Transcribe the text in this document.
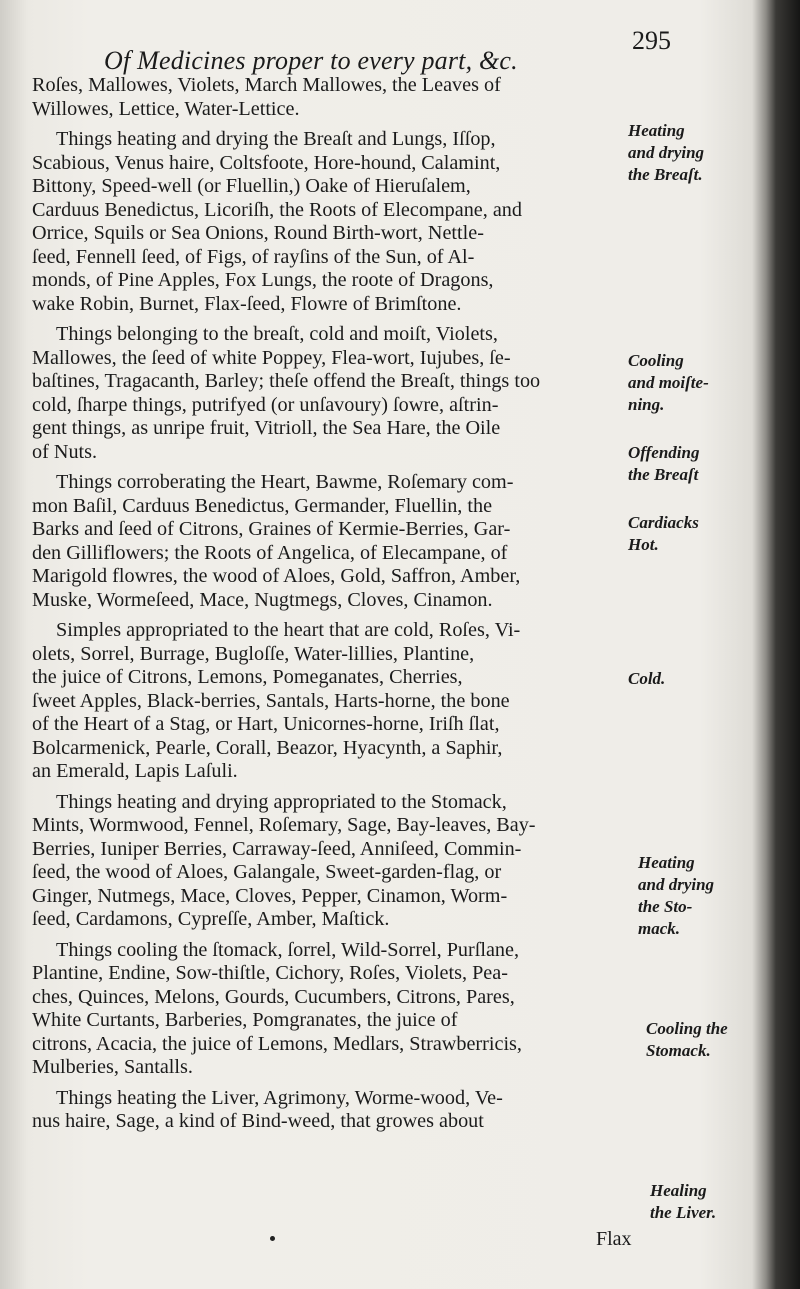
Of Medicines proper to every part, &c.
295

Roſes, Mallowes, Violets, March Mallowes, the Leaves of
Willowes, Lettice, Water-Lettice.

Things heating and drying the Breaſt and Lungs, Iſſop,
Scabious, Venus haire, Coltsfoote, Hore-hound, Calamint,
Bittony, Speed-well (or Fluellin,) Oake of Hieruſalem,
Carduus Benedictus, Licoriſh, the Roots of Elecompane, and
Orrice, Squils or Sea Onions, Round Birth-wort, Nettle-
ſeed, Fennell ſeed, of Figs, of rayſins of the Sun, of Al-
monds, of Pine Apples, Fox Lungs, the roote of Dragons,
wake Robin, Burnet, Flax-ſeed, Flowre of Brimſtone.

Things belonging to the breaſt, cold and moiſt, Violets,
Mallowes, the ſeed of white Poppey, Flea-wort, Iujubes, ſe-
baſtines, Tragacanth, Barley; theſe offend the Breaſt, things too
cold, ſharpe things, putrifyed (or unſavoury) ſowre, aſtrin-
gent things, as unripe fruit, Vitrioll, the Sea Hare, the Oile
of Nuts.

Things corroberating the Heart, Bawme, Roſemary com-
mon Baſil, Carduus Benedictus, Germander, Fluellin, the
Barks and ſeed of Citrons, Graines of Kermie-Berries, Gar-
den Gilliflowers; the Roots of Angelica, of Elecampane, of
Marigold flowres, the wood of Aloes, Gold, Saffron, Amber,
Muske, Wormeſeed, Mace, Nugtmegs, Cloves, Cinamon.

Simples appropriated to the heart that are cold, Roſes, Vi-
olets, Sorrel, Burrage, Bugloſſe, Water-lillies, Plantine,
the juice of Citrons, Lemons, Pomeganates, Cherries,
ſweet Apples, Black-berries, Santals, Harts-horne, the bone
of the Heart of a Stag, or Hart, Unicornes-horne, Iriſh ſlat,
Bolcarmenick, Pearle, Corall, Beazor, Hyacynth, a Saphir,
an Emerald, Lapis Laſuli.

Things heating and drying appropriated to the Stomack,
Mints, Wormwood, Fennel, Roſemary, Sage, Bay-leaves, Bay-
Berries, Iuniper Berries, Carraway-ſeed, Anniſeed, Commin-
ſeed, the wood of Aloes, Galangale, Sweet-garden-flag, or
Ginger, Nutmegs, Mace, Cloves, Pepper, Cinamon, Worm-
ſeed, Cardamons, Cypreſſe, Amber, Maſtick.

Things cooling the ſtomack, ſorrel, Wild-Sorrel, Purſlane,
Plantine, Endine, Sow-thiſtle, Cichory, Roſes, Violets, Pea-
ches, Quinces, Melons, Gourds, Cucumbers, Citrons, Pares,
White Curtants, Barberies, Pomgranates, the juice of
citrons, Acacia, the juice of Lemons, Medlars, Strawberricis,
Mulberies, Santalls.

Things heating the Liver, Agrimony, Worme-wood, Ve-
nus haire, Sage, a kind of Bind-weed, that growes about

Heating
and drying
the Breaſt.
Cooling
and moiſte-
ning.
Offending
the Breaſt
Cardiacks
Hot.
Cold.
Heating
and drying
the Sto-
mack.
Cooling the
Stomack.
Healing
the Liver.
Flax
